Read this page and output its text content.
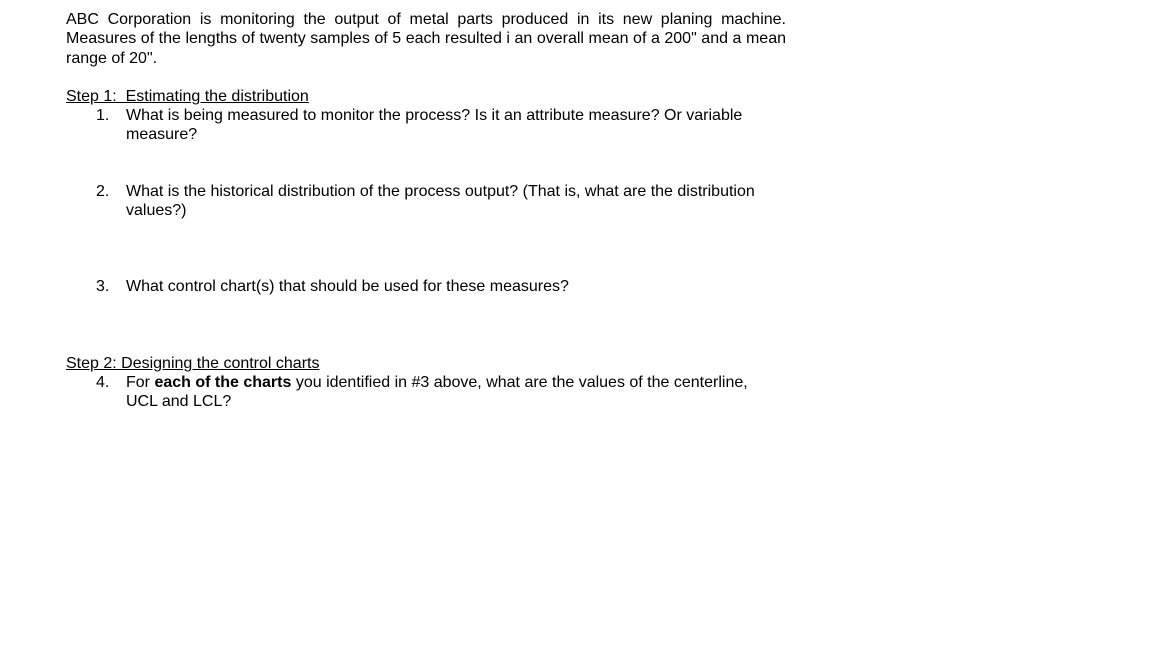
ABC Corporation is monitoring the output of metal parts produced in its new planing machine. Measures of the lengths of twenty samples of 5 each resulted i an overall mean of a 200" and a mean range of 20".

Step 1:  Estimating the distribution
1. What is being measured to monitor the process? Is it an attribute measure? Or variable measure?
2. What is the historical distribution of the process output? (That is, what are the distribution values?)
3. What control chart(s) that should be used for these measures?
Step 2: Designing the control charts
4. For each of the charts you identified in #3 above, what are the values of the centerline, UCL and LCL?
